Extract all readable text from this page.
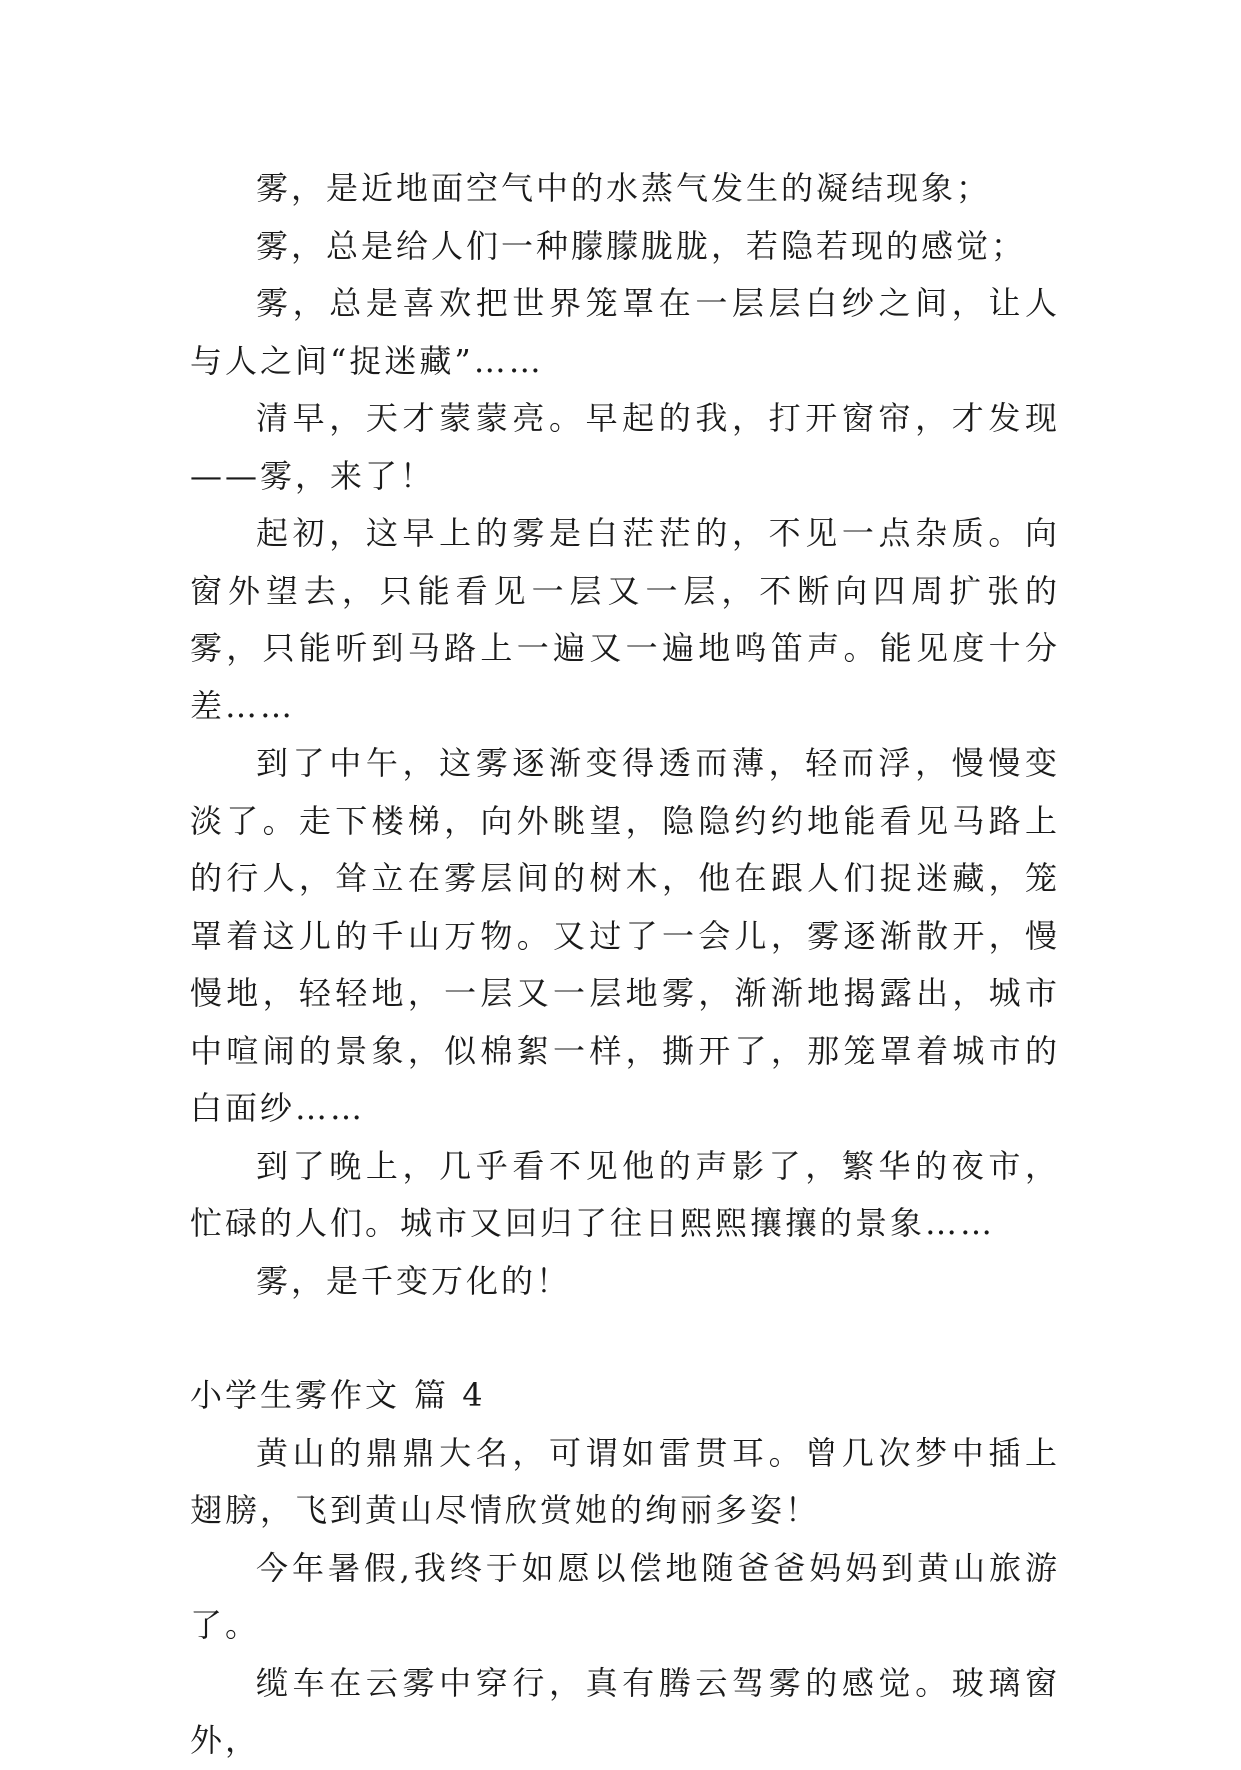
雾，是近地面空气中的水蒸气发生的凝结现象；

雾，总是给人们一种朦朦胧胧，若隐若现的感觉；

雾，总是喜欢把世界笼罩在一层层白纱之间，让人与人之间“捉迷藏”……

清早，天才蒙蒙亮。早起的我，打开窗帘，才发现——雾，来了！

起初，这早上的雾是白茫茫的，不见一点杂质。向窗外望去，只能看见一层又一层，不断向四周扩张的雾，只能听到马路上一遍又一遍地鸣笛声。能见度十分差……

到了中午，这雾逐渐变得透而薄，轻而浮，慢慢变淡了。走下楼梯，向外眺望，隐隐约约地能看见马路上的行人，耸立在雾层间的树木，他在跟人们捉迷藏，笼罩着这儿的千山万物。又过了一会儿，雾逐渐散开，慢慢地，轻轻地，一层又一层地雾，渐渐地揭露出，城市中喧闹的景象，似棉絮一样，撕开了，那笼罩着城市的白面纱……

到了晚上，几乎看不见他的声影了，繁华的夜市，忙碌的人们。城市又回归了往日熙熙攘攘的景象……

雾，是千变万化的！

小学生雾作文 篇 4

黄山的鼎鼎大名，可谓如雷贯耳。曾几次梦中插上翅膀，飞到黄山尽情欣赏她的绚丽多姿！

今年暑假,我终于如愿以偿地随爸爸妈妈到黄山旅游了。

缆车在云雾中穿行，真有腾云驾雾的感觉。玻璃窗外，
